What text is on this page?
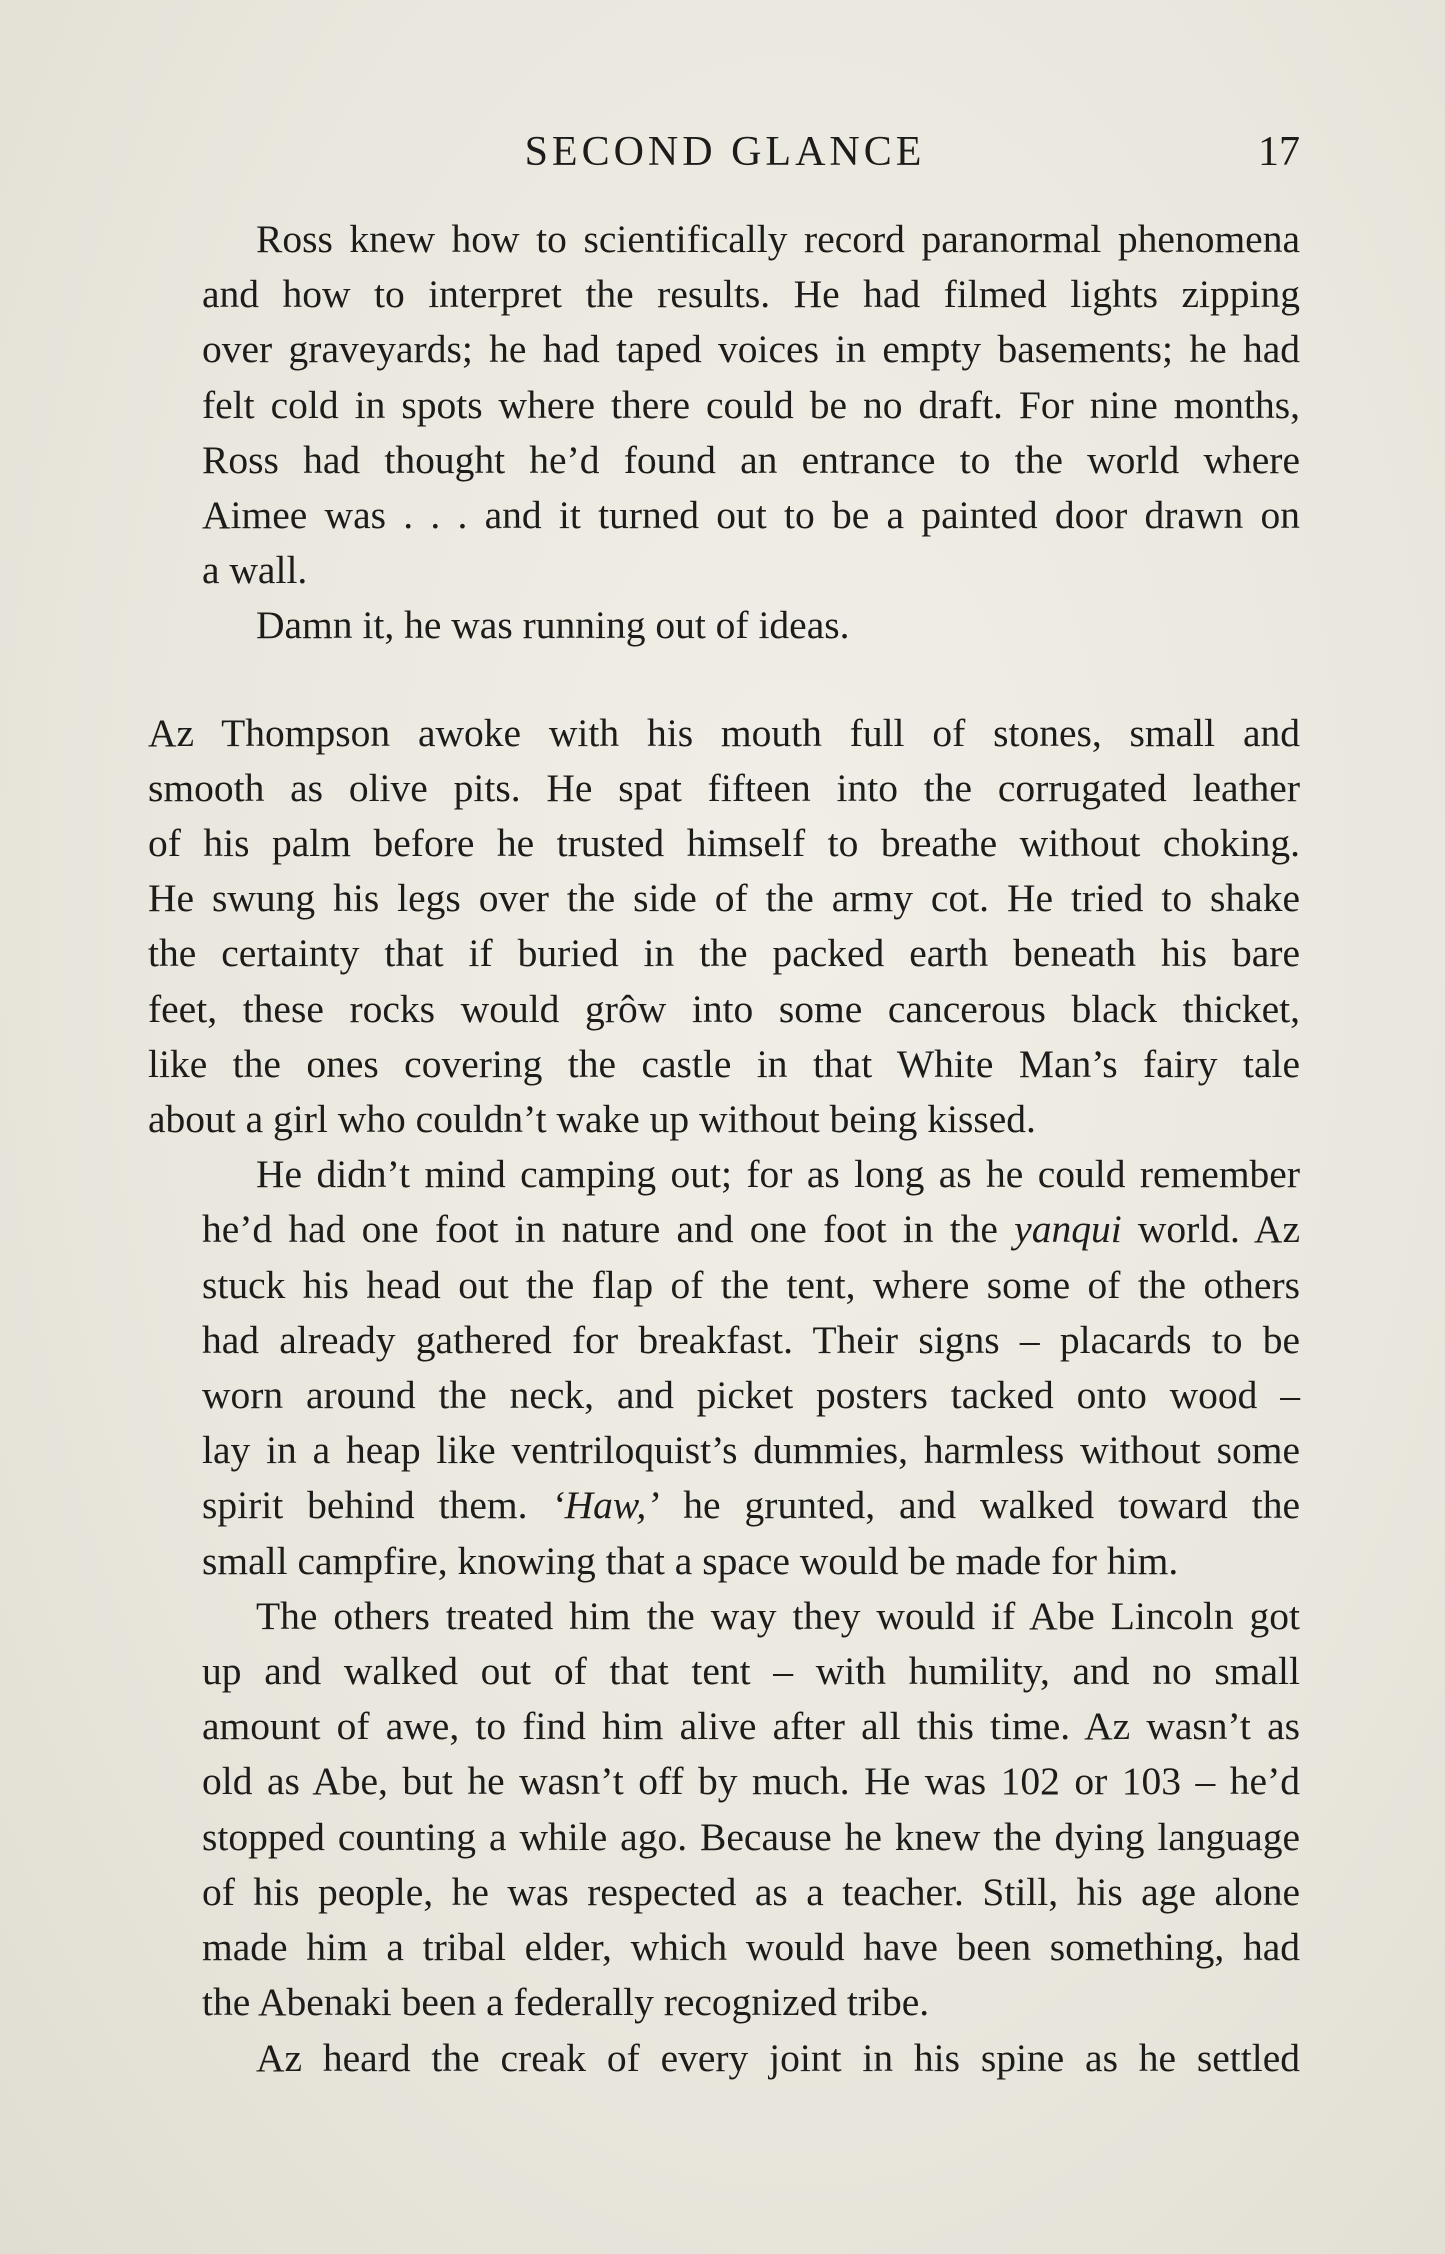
SECOND GLANCE	17

Ross knew how to scientifically record paranormal phenomena
and how to interpret the results. He had filmed lights zipping
over graveyards; he had taped voices in empty basements; he had
felt cold in spots where there could be no draft. For nine months,
Ross had thought he’d found an entrance to the world where
Aimee was . . . and it turned out to be a painted door drawn on
a wall.

Damn it, he was running out of ideas.

Az Thompson awoke with his mouth full of stones, small and
smooth as olive pits. He spat fifteen into the corrugated leather
of his palm before he trusted himself to breathe without choking.
He swung his legs over the side of the army cot. He tried to shake
the certainty that if buried in the packed earth beneath his bare
feet, these rocks would grôw into some cancerous black thicket,
like the ones covering the castle in that White Man’s fairy tale
about a girl who couldn’t wake up without being kissed.

He didn’t mind camping out; for as long as he could remember
he’d had one foot in nature and one foot in the yanqui world. Az
stuck his head out the flap of the tent, where some of the others
had already gathered for breakfast. Their signs – placards to be
worn around the neck, and picket posters tacked onto wood –
lay in a heap like ventriloquist’s dummies, harmless without some
spirit behind them. ‘Haw,’ he grunted, and walked toward the
small campfire, knowing that a space would be made for him.

The others treated him the way they would if Abe Lincoln got
up and walked out of that tent – with humility, and no small
amount of awe, to find him alive after all this time. Az wasn’t as
old as Abe, but he wasn’t off by much. He was 102 or 103 – he’d
stopped counting a while ago. Because he knew the dying language
of his people, he was respected as a teacher. Still, his age alone
made him a tribal elder, which would have been something, had
the Abenaki been a federally recognized tribe.

Az heard the creak of every joint in his spine as he settled
